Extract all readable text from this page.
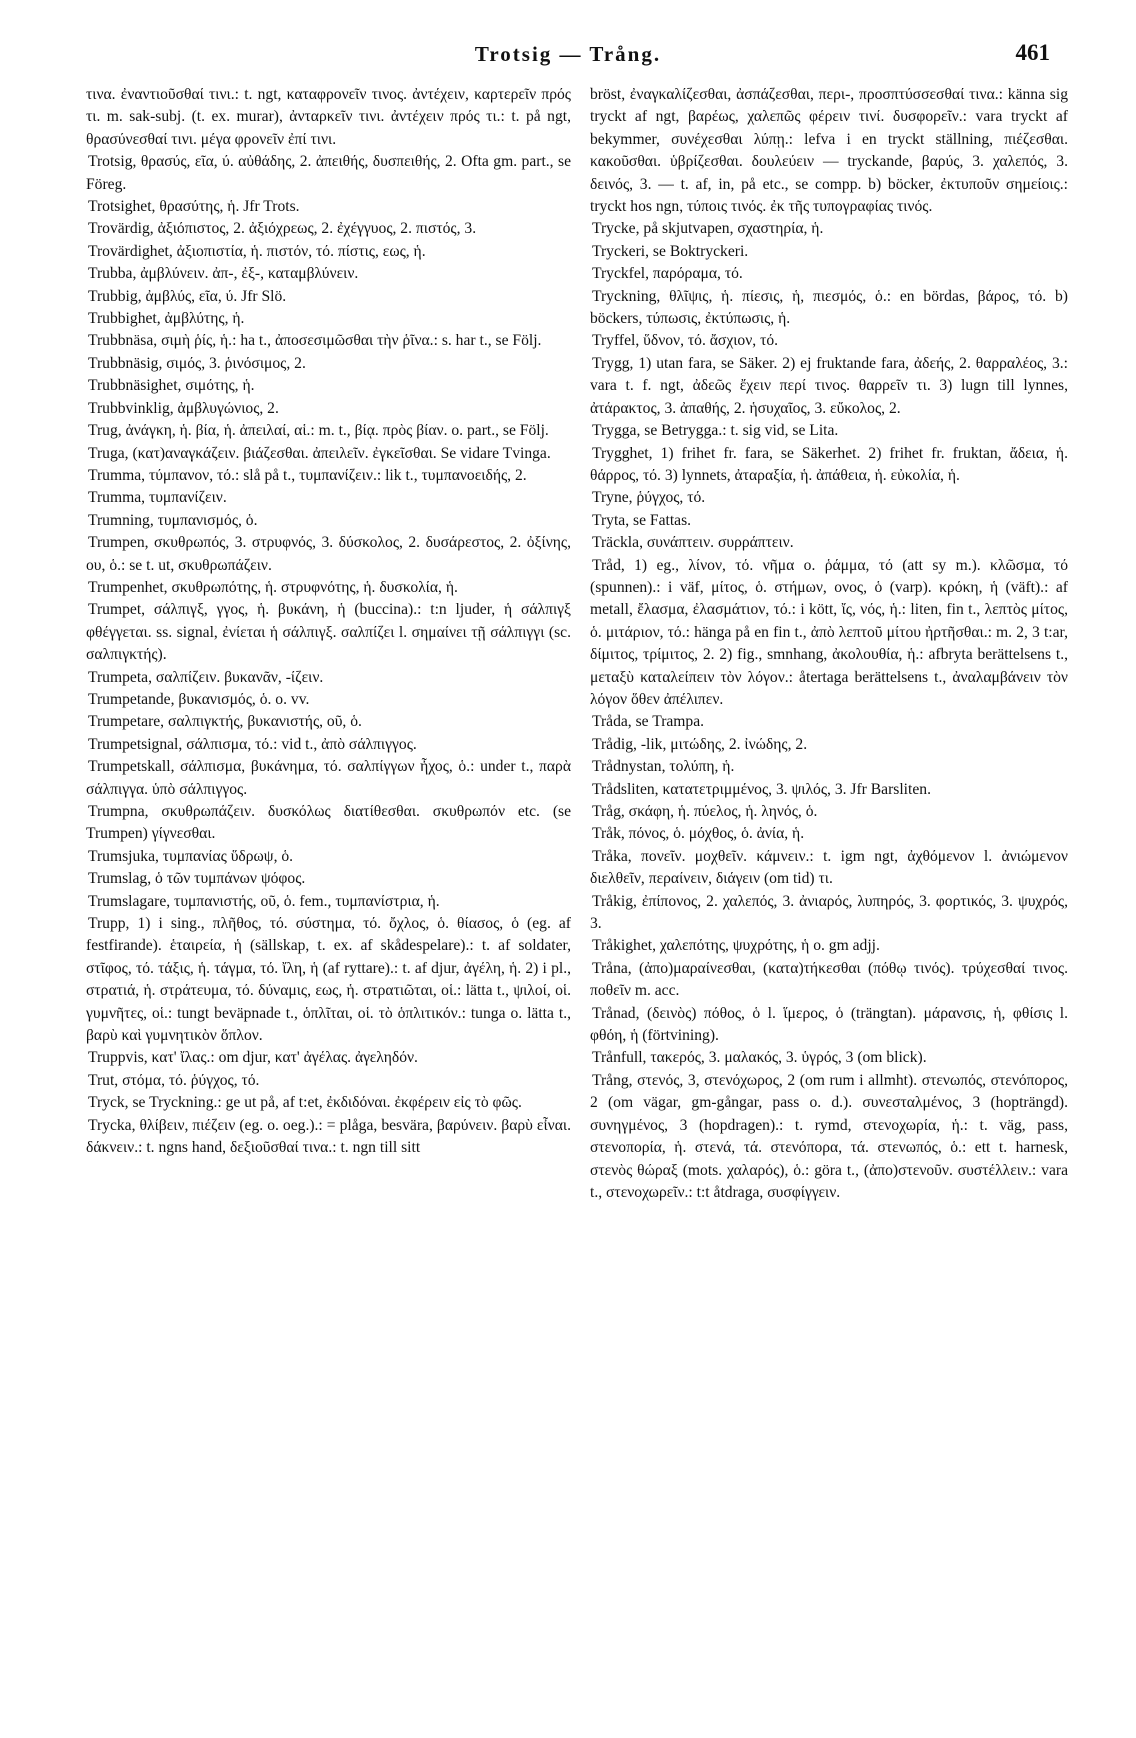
Trotsig — Trång.	461

τινα. ἐναντιοῦσθαί τινι.: t. ngt, καταφρονεῖν τινος. ἀντέχειν, καρτερεῖν πρός τι. m. sak-subj. (t. ex. murar), ἀνταρκεῖν τινι. ἀντέχειν πρός τι.: t. på ngt, θρασύνεσθαί τινι. μέγα φρονεῖν ἐπί τινι.

Trotsig, θρασύς, εῖα, ύ. αὐθάδης, 2. ἀπειθής, δυσπειθής, 2. Ofta gm. part., se Föreg.

Trotsighet, θρασύτης, ἡ. Jfr Trots.

Trovärdig, ἀξιόπιστος, 2. ἀξιόχρεως, 2. ἐχέγγυος, 2. πιστός, 3.

Trovärdighet, ἀξιοπιστία, ἡ. πιστόν, τό. πίστις, εως, ἡ.

Trubba, ἀμβλύνειν. ἀπ-, ἐξ-, καταμβλύνειν.

Trubbig, ἀμβλύς, εῖα, ύ. Jfr Slö.

Trubbighet, ἀμβλύτης, ἡ.

Trubbnäsa, σιμὴ ῥίς, ἡ.: ha t., ἀποσεσιμῶσθαι τὴν ῥῖνα.: s. har t., se Följ.

Trubbnäsig, σιμός, 3. ῥινόσιμος, 2.

Trubbnäsighet, σιμότης, ἡ.

Trubbvinklig, ἀμβλυγώνιος, 2.

Trug, ἀνάγκη, ἡ. βία, ἡ. ἀπειλαί, αἱ.: m. t., βίᾳ. πρὸς βίαν. o. part., se Följ.

Truga, (κατ)αναγκάζειν. βιάζεσθαι. ἀπειλεῖν. ἐγκεῖσθαι. Se vidare Tvinga.

Trumma, τύμπανον, τό.: slå på t., τυμπανίζειν.: lik t., τυμπανοειδής, 2.

Trumma, τυμπανίζειν.

Trumning, τυμπανισμός, ὁ.

Trumpen, σκυθρωπός, 3. στρυφνός, 3. δύσκολος, 2. δυσάρεστος, 2. ὀξίνης, ου, ὁ.: se t. ut, σκυθρωπάζειν.

Trumpenhet, σκυθρωπότης, ἡ. στρυφνότης, ἡ. δυσκολία, ἡ.

Trumpet, σάλπιγξ, γγος, ἡ. βυκάνη, ἡ (buccina).: t:n ljuder, ἡ σάλπιγξ φθέγγεται. ss. signal, ἐνίεται ἡ σάλπιγξ. σαλπίζει l. σημαίνει τῇ σάλπιγγι (sc. σαλπιγκτής).

Trumpeta, σαλπίζειν. βυκανᾶν, -ίζειν.

Trumpetande, βυκανισμός, ὁ. o. vv.

Trumpetare, σαλπιγκτής, βυκανιστής, οῦ, ὁ.

Trumpetsignal, σάλπισμα, τό.: vid t., ἀπὸ σάλπιγγος.

Trumpetskall, σάλπισμα, βυκάνημα, τό. σαλπίγγων ἦχος, ὁ.: under t., παρὰ σάλπιγγα. ὑπὸ σάλπιγγος.

Trumpna, σκυθρωπάζειν. δυσκόλως διατίθεσθαι. σκυθρωπόν etc. (se Trumpen) γίγνεσθαι.

Trumsjuka, τυμπανίας ὕδρωψ, ὁ.

Trumslag, ὁ τῶν τυμπάνων ψόφος.

Trumslagare, τυμπανιστής, οῦ, ὁ. fem., τυμπανίστρια, ἡ.

Trupp, 1) i sing., πλῆθος, τό. σύστημα, τό. ὄχλος, ὁ. θίασος, ὁ (eg. af festfirande). ἑταιρεία, ἡ (sällskap, t. ex. af skådespelare).: t. af soldater, στῖφος, τό. τάξις, ἡ. τάγμα, τό. ἴλη, ἡ (af ryttare).: t. af djur, ἀγέλη, ἡ. 2) i pl., στρατιά, ἡ. στράτευμα, τό. δύναμις, εως, ἡ. στρατιῶται, οἱ.: lätta t., ψιλοί, οἱ. γυμνῆτες, οἱ.: tungt beväpnade t., ὁπλῖται, οἱ. τὸ ὁπλιτικόν.: tunga o. lätta t., βαρὺ καὶ γυμνητικὸν ὅπλον.

Truppvis, κατ' ἴλας.: om djur, κατ' ἀγέλας. ἀγεληδόν.

Trut, στόμα, τό. ῥύγχος, τό.

Tryck, se Tryckning.: ge ut på, af t:et, ἐκδιδόναι. ἐκφέρειν εἰς τὸ φῶς.

Trycka, θλίβειν, πιέζειν (eg. o. oeg.).: = plåga, besvära, βαρύνειν. βαρὺ εἶναι. δάκνειν.: t. ngns hand, δεξιοῦσθαί τινα.: t. ngn till sitt

bröst, ἐναγκαλίζεσθαι, ἀσπάζεσθαι, περι-, προσπτύσσεσθαί τινα.: känna sig tryckt af ngt, βαρέως, χαλεπῶς φέρειν τινί. δυσφορεῖν.: vara tryckt af bekymmer, συνέχεσθαι λύπῃ.: lefva i en tryckt ställning, πιέζεσθαι. κακοῦσθαι. ὑβρίζεσθαι. δουλεύειν — tryckande, βαρύς, 3. χαλεπός, 3. δεινός, 3. — t. af, in, på etc., se compp. b) böcker, ἐκτυποῦν σημείοις.: tryckt hos ngn, τύποις τινός. ἐκ τῆς τυπογραφίας τινός.

Trycke, på skjutvapen, σχαστηρία, ἡ.

Tryckeri, se Boktryckeri.

Tryckfel, παρόραμα, τό.

Tryckning, θλῖψις, ἡ. πίεσις, ἡ, πιεσμός, ὁ.: en bördas, βάρος, τό. b) böckers, τύπωσις, ἐκτύπωσις, ἡ.

Tryffel, ὕδνον, τό. ἄσχιον, τό.

Trygg, 1) utan fara, se Säker. 2) ej fruktande fara, ἀδεής, 2. θαρραλέος, 3.: vara t. f. ngt, ἀδεῶς ἔχειν περί τινος. θαρρεῖν τι. 3) lugn till lynnes, ἀτάρακτος, 3. ἀπαθής, 2. ἡσυχαῖος, 3. εὔκολος, 2.

Trygga, se Betrygga.: t. sig vid, se Lita.

Trygghet, 1) frihet fr. fara, se Säkerhet. 2) frihet fr. fruktan, ἄδεια, ἡ. θάρρος, τό. 3) lynnets, ἀταραξία, ἡ. ἀπάθεια, ἡ. εὐκολία, ἡ.

Tryne, ῥύγχος, τό.

Tryta, se Fattas.

Träckla, συνάπτειν. συρράπτειν.

Tråd, 1) eg., λίνον, τό. νῆμα o. ῥάμμα, τό (att sy m.). κλῶσμα, τό (spunnen).: i väf, μίτος, ὁ. στήμων, ονος, ὁ (varp). κρόκη, ἡ (väft).: af metall, ἔλασμα, ἐλασμάτιον, τό.: i kött, ἴς, νός, ἡ.: liten, fin t., λεπτὸς μίτος, ὁ. μιτάριον, τό.: hänga på en fin t., ἀπὸ λεπτοῦ μίτου ἠρτῆσθαι.: m. 2, 3 t:ar, δίμιτος, τρίμιτος, 2. 2) fig., smnhang, ἀκολουθία, ἡ.: afbryta berättelsens t., μεταξὺ καταλείπειν τὸν λόγον.: återtaga berättelsens t., ἀναλαμβάνειν τὸν λόγον ὅθεν ἀπέλιπεν.

Tråda, se Trampa.

Trådig, -lik, μιτώδης, 2. ἰνώδης, 2.

Trådnystan, τολύπη, ἡ.

Trådsliten, κατατετριμμένος, 3. ψιλός, 3. Jfr Barsliten.

Tråg, σκάφη, ἡ. πύελος, ἡ. ληνός, ὁ.

Tråk, πόνος, ὁ. μόχθος, ὁ. ἀνία, ἡ.

Tråka, πονεῖν. μοχθεῖν. κάμνειν.: t. igm ngt, ἀχθόμενον l. ἀνιώμενον διελθεῖν, περαίνειν, διάγειν (om tid) τι.

Tråkig, ἐπίπονος, 2. χαλεπός, 3. ἀνιαρός, λυπηρός, 3. φορτικός, 3. ψυχρός, 3.

Tråkighet, χαλεπότης, ψυχρότης, ἡ o. gm adjj.

Tråna, (ἀπο)μαραίνεσθαι, (κατα)τήκεσθαι (πόθῳ τινός). τρύχεσθαί τινος. ποθεῖν m. acc.

Trånad, (δεινὸς) πόθος, ὁ l. ἵμερος, ὁ (trängtan). μάρανσις, ἡ, φθίσις l. φθόη, ἡ (förtvining).

Trånfull, τακερός, 3. μαλακός, 3. ὑγρός, 3 (om blick).

Trång, στενός, 3, στενόχωρος, 2 (om rum i allmht). στενωπός, στενόπορος, 2 (om vägar, gm-gångar, pass o. d.). συνεσταλμένος, 3 (hopträngd). συνηγμένος, 3 (hopdragen).: t. rymd, στενοχωρία, ἡ.: t. väg, pass, στενοπορία, ἡ. στενά, τά. στενόπορα, τά. στενωπός, ὁ.: ett t. harnesk, στενὸς θώραξ (mots. χαλαρός), ὁ.: göra t., (ἀπο)στενοῦν. συστέλλειν.: vara t., στενοχωρεῖν.: t:t åtdraga, συσφίγγειν.
